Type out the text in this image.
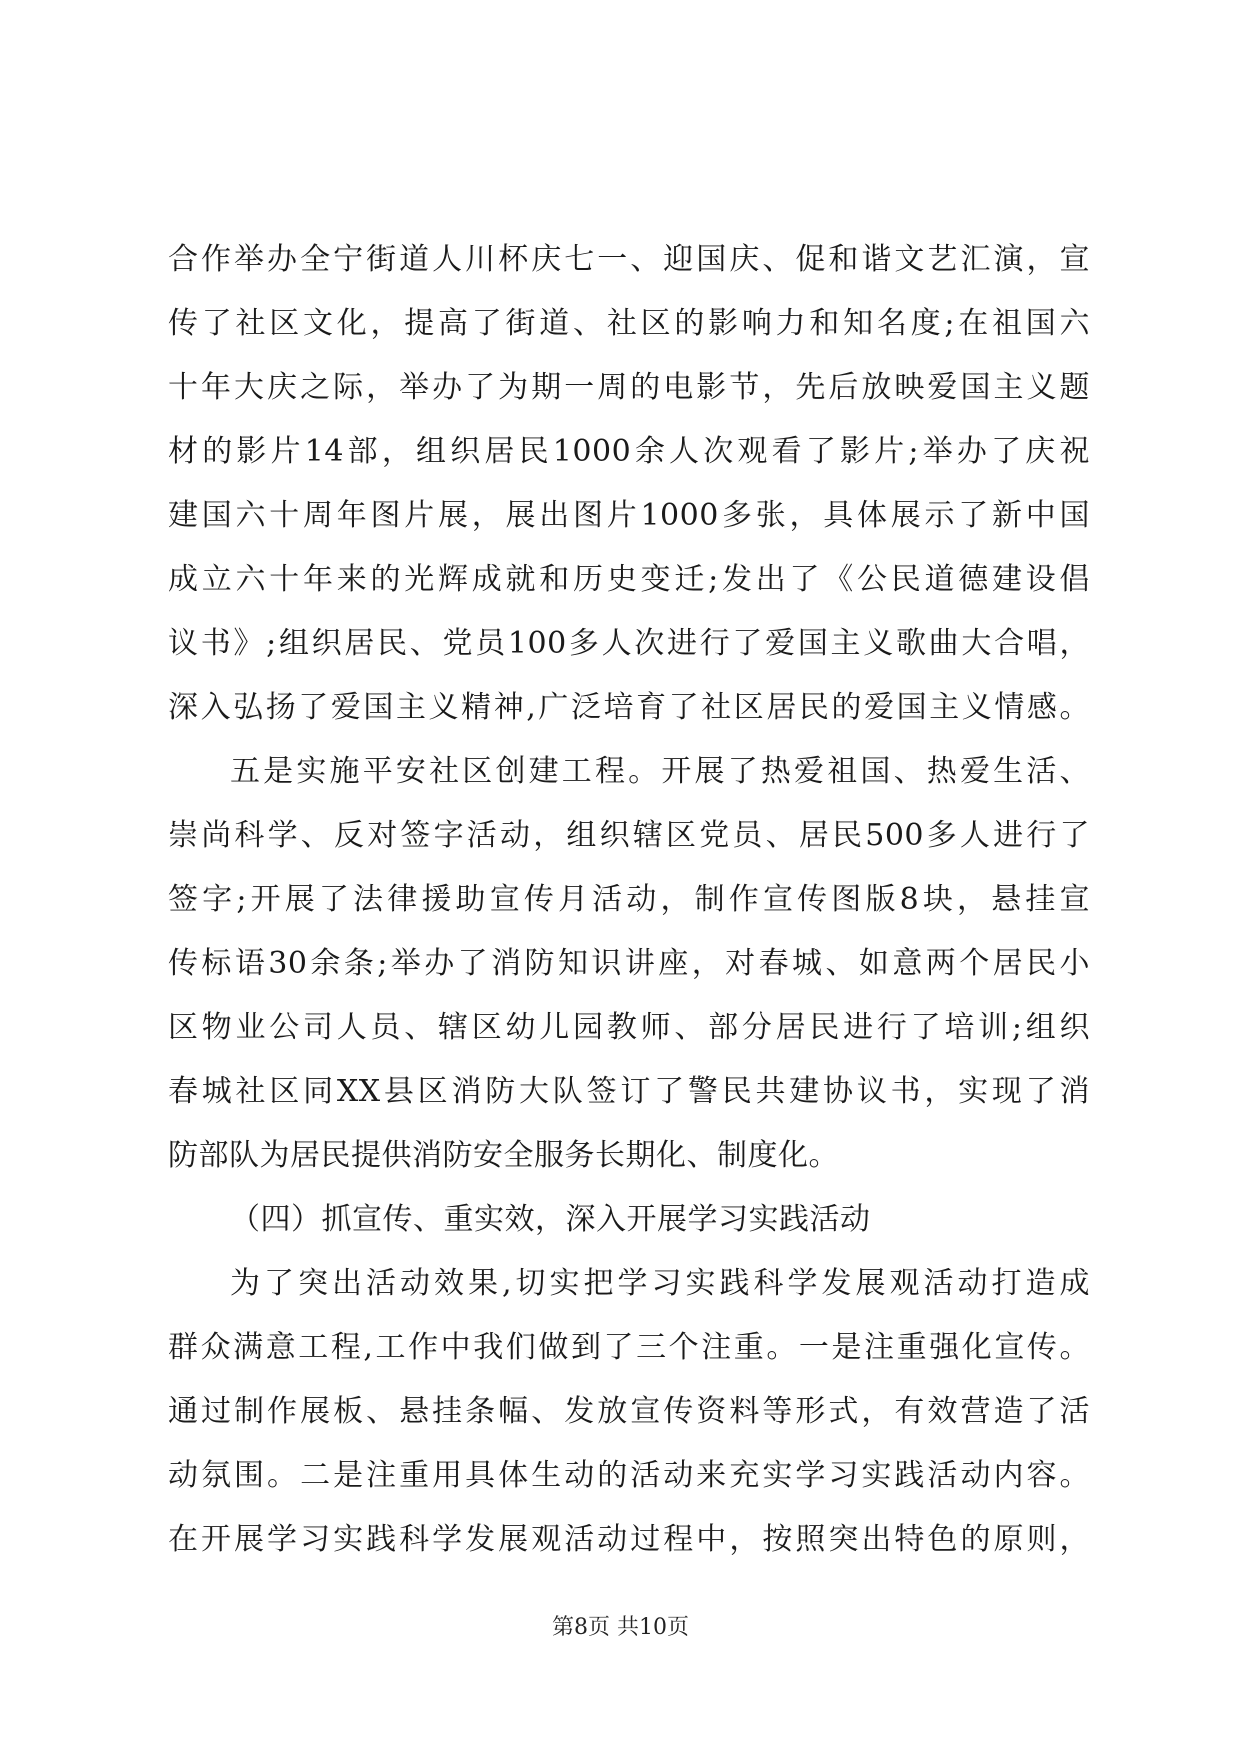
合作举办全宁街道人川杯庆七一、迎国庆、促和谐文艺汇演，宣
传了社区文化，提高了街道、社区的影响力和知名度;在祖国六
十年大庆之际，举办了为期一周的电影节，先后放映爱国主义题
材的影片14部，组织居民1000余人次观看了影片;举办了庆祝
建国六十周年图片展，展出图片1000多张，具体展示了新中国
成立六十年来的光辉成就和历史变迁;发出了《公民道德建设倡
议书》;组织居民、党员100多人次进行了爱国主义歌曲大合唱，
深入弘扬了爱国主义精神,广泛培育了社区居民的爱国主义情感。
五是实施平安社区创建工程。开展了热爱祖国、热爱生活、
崇尚科学、反对签字活动，组织辖区党员、居民500多人进行了
签字;开展了法律援助宣传月活动，制作宣传图版8块，悬挂宣
传标语30余条;举办了消防知识讲座，对春城、如意两个居民小
区物业公司人员、辖区幼儿园教师、部分居民进行了培训;组织
春城社区同XX县区消防大队签订了警民共建协议书，实现了消
防部队为居民提供消防安全服务长期化、制度化。
（四）抓宣传、重实效，深入开展学习实践活动
为了突出活动效果,切实把学习实践科学发展观活动打造成
群众满意工程,工作中我们做到了三个注重。一是注重强化宣传。
通过制作展板、悬挂条幅、发放宣传资料等形式，有效营造了活
动氛围。二是注重用具体生动的活动来充实学习实践活动内容。
在开展学习实践科学发展观活动过程中，按照突出特色的原则，
第8页 共10页
